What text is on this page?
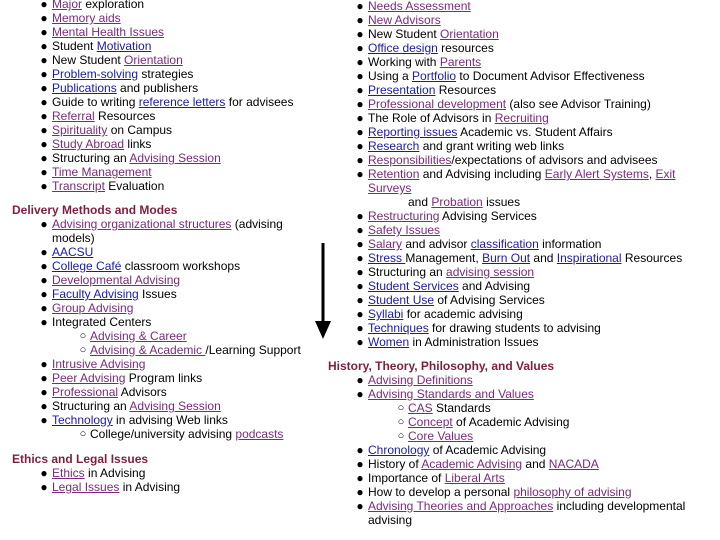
● Major exploration
● Memory aids
● Mental Health Issues
● Student Motivation
● New Student Orientation
● Problem-solving strategies
● Publications and publishers
● Guide to writing reference letters for advisees
● Referral Resources
● Spirituality on Campus
● Study Abroad links
● Structuring an Advising Session
● Time Management
● Transcript Evaluation
Delivery Methods and Modes
● Advising organizational structures (advising models)
● AACSU
● College Café classroom workshops
● Developmental Advising
● Faculty Advising Issues
● Group Advising
● Integrated Centers
○ Advising & Career
○ Advising & Academic /Learning Support
● Intrusive Advising
● Peer Advising Program links
● Professional Advisors
● Structuring an Advising Session
● Technology in advising Web links
○ College/university advising podcasts
Ethics and Legal Issues
● Ethics in Advising
● Legal Issues in Advising
● Needs Assessment
● New Advisors
● New Student Orientation
● Office design resources
● Working with Parents
● Using a Portfolio to Document Advisor Effectiveness
● Presentation Resources
● Professional development (also see Advisor Training)
● The Role of Advisors in Recruiting
● Reporting issues Academic vs. Student Affairs
● Research and grant writing web links
● Responsibilities/expectations of advisors and advisees
● Retention and Advising including Early Alert Systems, Exit Surveys
and Probation issues
● Restructuring Advising Services
● Safety Issues
● Salary and advisor classification information
● Stress Management, Burn Out and Inspirational Resources
● Structuring an advising session
● Student Services and Advising
● Student Use of Advising Services
● Syllabi for academic advising
● Techniques for drawing students to advising
● Women in Administration Issues
History, Theory, Philosophy, and Values
● Advising Definitions
● Advising Standards and Values
○ CAS Standards
○ Concept of Academic Advising
○ Core Values
● Chronology of Academic Advising
● History of Academic Advising and NACADA
● Importance of Liberal Arts
● How to develop a personal philosophy of advising
● Advising Theories and Approaches including developmental advising
